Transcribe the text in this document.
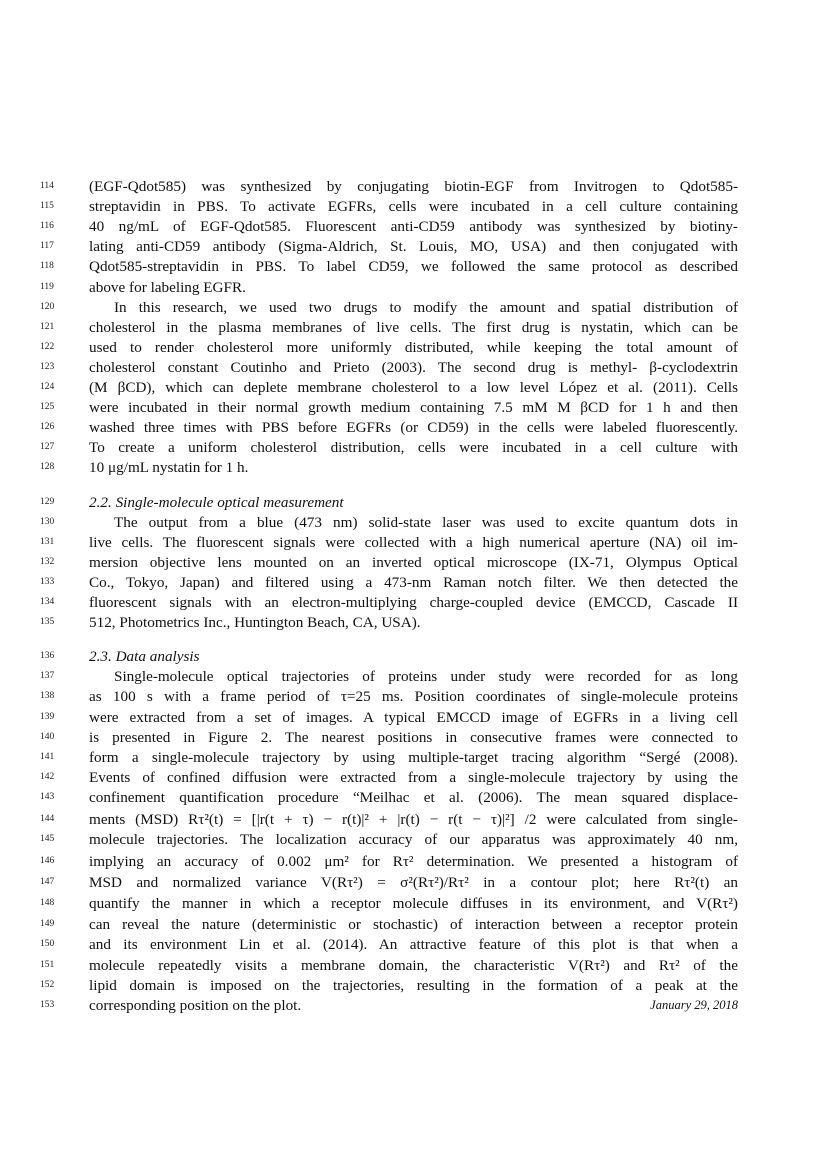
114	(EGF-Qdot585) was synthesized by conjugating biotin-EGF from Invitrogen to Qdot585-
115	streptavidin in PBS. To activate EGFRs, cells were incubated in a cell culture containing
116	40 ng/mL of EGF-Qdot585. Fluorescent anti-CD59 antibody was synthesized by biotiny-
117	lating anti-CD59 antibody (Sigma-Aldrich, St. Louis, MO, USA) and then conjugated with
118	Qdot585-streptavidin in PBS. To label CD59, we followed the same protocol as described
119	above for labeling EGFR.
120	In this research, we used two drugs to modify the amount and spatial distribution of
121	cholesterol in the plasma membranes of live cells. The first drug is nystatin, which can be
122	used to render cholesterol more uniformly distributed, while keeping the total amount of
123	cholesterol constant Coutinho and Prieto (2003). The second drug is methyl- β-cyclodextrin
124	(M βCD), which can deplete membrane cholesterol to a low level López et al. (2011). Cells
125	were incubated in their normal growth medium containing 7.5 mM M βCD for 1 h and then
126	washed three times with PBS before EGFRs (or CD59) in the cells were labeled fluorescently.
127	To create a uniform cholesterol distribution, cells were incubated in a cell culture with
128	10 μg/mL nystatin for 1 h.
129	2.2. Single-molecule optical measurement
130	The output from a blue (473 nm) solid-state laser was used to excite quantum dots in
131	live cells. The fluorescent signals were collected with a high numerical aperture (NA) oil im-
132	mersion objective lens mounted on an inverted optical microscope (IX-71, Olympus Optical
133	Co., Tokyo, Japan) and filtered using a 473-nm Raman notch filter. We then detected the
134	fluorescent signals with an electron-multiplying charge-coupled device (EMCCD, Cascade II
135	512, Photometrics Inc., Huntington Beach, CA, USA).
136	2.3. Data analysis
137	Single-molecule optical trajectories of proteins under study were recorded for as long
138	as 100 s with a frame period of τ=25 ms. Position coordinates of single-molecule proteins
139	were extracted from a set of images. A typical EMCCD image of EGFRs in a living cell
140	is presented in Figure 2. The nearest positions in consecutive frames were connected to
141	form a single-molecule trajectory by using multiple-target tracing algorithm “Sergé (2008).
142	Events of confined diffusion were extracted from a single-molecule trajectory by using the
143	confinement quantification procedure “Meilhac et al. (2006). The mean squared displace-
144	ments (MSD) Rτ²(t) = [|r(t + τ) − r(t)|² + |r(t) − r(t − τ)|²] /2 were calculated from single-
145	molecule trajectories. The localization accuracy of our apparatus was approximately 40 nm,
146	implying an accuracy of 0.002 μm² for Rτ² determination. We presented a histogram of
147	MSD and normalized variance V(Rτ²) = σ²(Rτ²)/Rτ² in a contour plot; here Rτ²(t) an
148	quantify the manner in which a receptor molecule diffuses in its environment, and V(Rτ²)
149	can reveal the nature (deterministic or stochastic) of interaction between a receptor protein
150	and its environment Lin et al. (2014). An attractive feature of this plot is that when a
151	molecule repeatedly visits a membrane domain, the characteristic V(Rτ²) and Rτ² of the
152	lipid domain is imposed on the trajectories, resulting in the formation of a peak at the
153	corresponding position on the plot.	January 29, 2018
